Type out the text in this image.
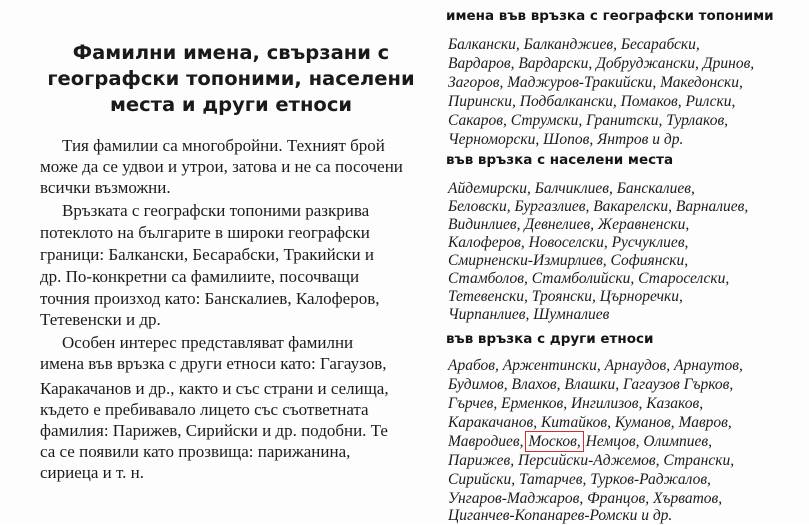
Фамилни имена, свързани с
географски топоними, населени
места и други етноси
Тия фамилии са многобройни. Техният брой
може да се удвои и утрои, затова и не са посочени
всички възможни.
Връзката с географски топоними разкрива
потеклото на българите в широки географски
граници: Балкански, Бесарабски, Тракийски и
др. По-конкретни са фамилиите, посочващи
точния произход като: Банскалиев, Калоферов,
Тетевенски и др.
Особен интерес представляват фамилни
имена във връзка с други етноси като: Гагаузов,
Каракачанов и др., както и със страни и селища,
където е пребивавало лицето със съответната
фамилия: Парижев, Сирийски и др. подобни. Те
са се появили като прозвища: парижанина,
сириеца и т. н.
имена във връзка с географски топоними
Балкански, Балканджиев, Бесарабски,
Вардаров, Вардарски, Добруджански, Дринов,
Загоров, Маджуров-Тракийски, Македонски,
Пирински, Подбалкански, Помаков, Рилски,
Сакаров, Струмски, Гранитски, Турлаков,
Черноморски, Шопов, Янтров и др.
във връзка с населени места
Айдемирски, Балчиклиев, Банскалиев,
Беловски, Бургазлиев, Вакарелски, Варналиев,
Видинлиев, Девнелиев, Жеравненски,
Калоферов, Новоселски, Русчуклиев,
Смирненски-Измирлиев, Софиянски,
Стамболов, Стамболийски, Староселски,
Тетевенски, Троянски, Църноречки,
Чирпанлиев, Шумналиев
във връзка с други етноси
Арабов, Аржентински, Арнаудов, Арнаутов,
Будимов, Влахов, Влашки, Гагаузов Гърков,
Гърчев, Ерменков, Ингилизов, Казаков,
Каракачанов, Китайков, Куманов, Мавров,
Мавродиев, Москов, Немцов, Олимпиев,
Парижев, Персийски-Аджемов, Странски,
Сирийски, Татарчев, Турков-Раджалов,
Унгаров-Маджаров, Францов, Хърватов,
Циганчев-Копанарев-Ромски и др.
